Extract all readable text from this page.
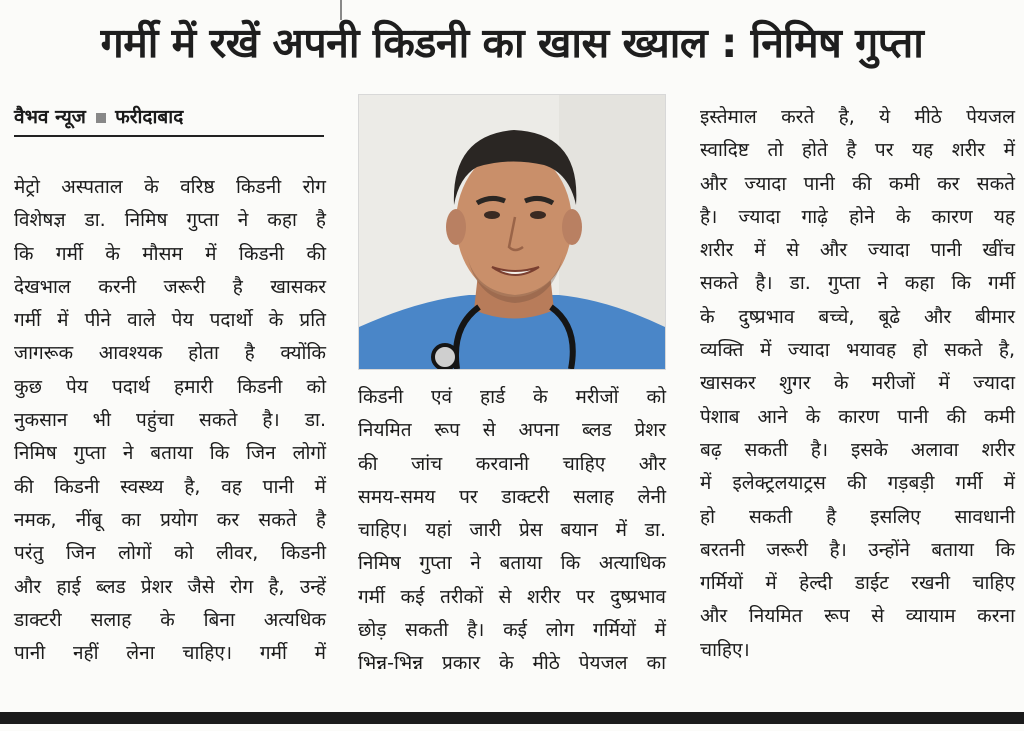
गर्मी में रखें अपनी किडनी का खास ख्याल : निमिष गुप्ता
वैभव न्यूज फरीदाबाद
मेट्रो अस्पताल के वरिष्ठ किडनी रोग
विशेषज्ञ डा. निमिष गुप्ता ने कहा है
कि गर्मी के मौसम में किडनी की
देखभाल करनी जरूरी है खासकर
गर्मी में पीने वाले पेय पदार्थो के प्रति
जागरूक आवश्यक होता है क्योंकि
कुछ पेय पदार्थ हमारी किडनी को
नुकसान भी पहुंचा सकते है। डा.
निमिष गुप्ता ने बताया कि जिन लोगों
की किडनी स्वस्थ्य है, वह पानी में
नमक, नींबू का प्रयोग कर सकते है
परंतु जिन लोगों को लीवर, किडनी
और हाई ब्लड प्रेशर जैसे रोग है, उन्हें
डाक्टरी सलाह के बिना अत्यधिक
पानी नहीं लेना चाहिए। गर्मी में
किडनी एवं हार्ड के मरीजों को
नियमित रूप से अपना ब्लड प्रेशर
की जांच करवानी चाहिए और
समय-समय पर डाक्टरी सलाह लेनी
चाहिए। यहां जारी प्रेस बयान में डा.
निमिष गुप्ता ने बताया कि अत्याधिक
गर्मी कई तरीकों से शरीर पर दुष्प्रभाव
छोड़ सकती है। कई लोग गर्मियों में
भिन्न-भिन्न प्रकार के मीठे पेयजल का
इस्तेमाल करते है, ये मीठे पेयजल
स्वादिष्ट तो होते है पर यह शरीर में
और ज्यादा पानी की कमी कर सकते
है। ज्यादा गाढ़े होने के कारण यह
शरीर में से और ज्यादा पानी खींच
सकते है। डा. गुप्ता ने कहा कि गर्मी
के दुष्प्रभाव बच्चे, बूढे और बीमार
व्यक्ति में ज्यादा भयावह हो सकते है,
खासकर शुगर के मरीजों में ज्यादा
पेशाब आने के कारण पानी की कमी
बढ़ सकती है। इसके अलावा शरीर
में इलेक्ट्रलयाट्रस की गड़बड़ी गर्मी में
हो सकती है इसलिए सावधानी
बरतनी जरूरी है। उन्होंने बताया कि
गर्मियों में हेल्दी डाईट रखनी चाहिए
और नियमित रूप से व्यायाम करना
चाहिए।
